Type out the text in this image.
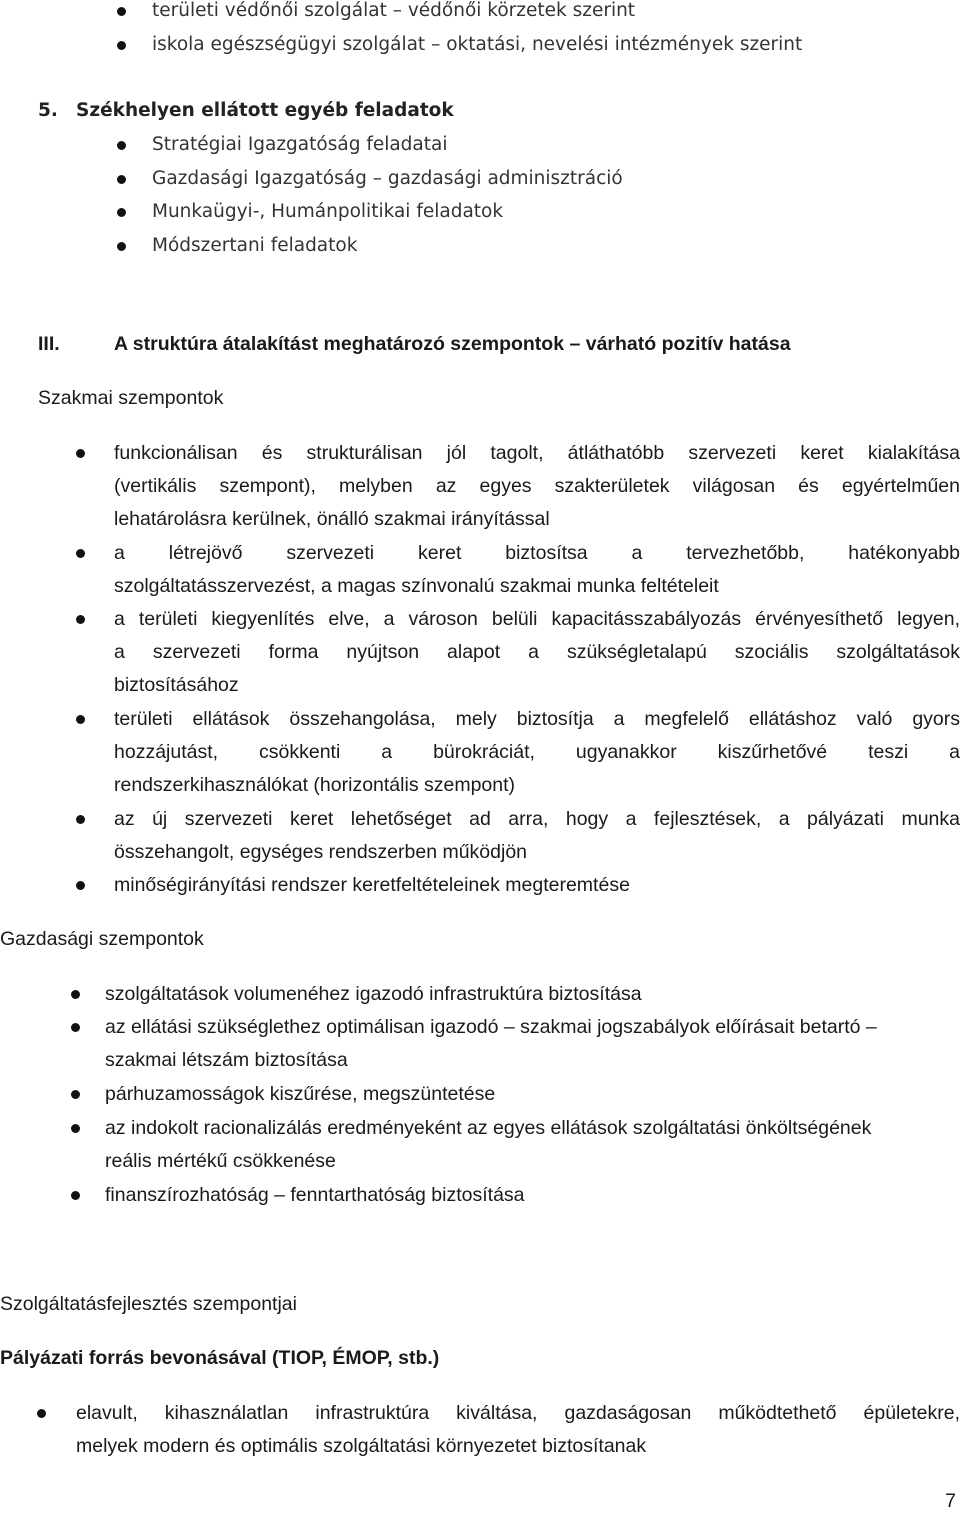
területi védőnői szolgálat – védőnői körzetek szerint
iskola egészségügyi szolgálat – oktatási, nevelési intézmények szerint
5. Székhelyen ellátott egyéb feladatok
Stratégiai Igazgatóság feladatai
Gazdasági Igazgatóság – gazdasági adminisztráció
Munkaügyi-, Humánpolitikai feladatok
Módszertani feladatok
III.	A struktúra átalakítást meghatározó szempontok – várható pozitív hatása
Szakmai szempontok
funkcionálisan és strukturálisan jól tagolt, átláthatóbb szervezeti keret kialakítása
(vertikális szempont), melyben az egyes szakterületek világosan és egyértelműen
lehatárolásra kerülnek, önálló szakmai irányítással
a létrejövő szervezeti keret biztosítsa a tervezhetőbb, hatékonyabb
szolgáltatásszervezést, a magas színvonalú szakmai munka feltételeit
a területi kiegyenlítés elve, a városon belüli kapacitásszabályozás érvényesíthető legyen,
a szervezeti forma nyújtson alapot a szükségletalapú szociális szolgáltatások
biztosításához
területi ellátások összehangolása, mely biztosítja a megfelelő ellátáshoz való gyors
hozzájutást, csökkenti a bürokráciát, ugyanakkor kiszűrhetővé teszi a
rendszerkihasználókat (horizontális szempont)
az új szervezeti keret lehetőséget ad arra, hogy a fejlesztések, a pályázati munka
összehangolt, egységes rendszerben működjön
minőségirányítási rendszer keretfeltételeinek megteremtése
Gazdasági szempontok
szolgáltatások volumenéhez igazodó infrastruktúra biztosítása
az ellátási szükséglethez optimálisan igazodó – szakmai jogszabályok előírásait betartó –
szakmai létszám biztosítása
párhuzamosságok kiszűrése, megszüntetése
az indokolt racionalizálás eredményeként az egyes ellátások szolgáltatási önköltségének
reális mértékű csökkenése
finanszírozhatóság – fenntarthatóság biztosítása
Szolgáltatásfejlesztés szempontjai
Pályázati forrás bevonásával (TIOP, ÉMOP, stb.)
elavult, kihasználatlan infrastruktúra kiváltása, gazdaságosan működtethető épületekre,
melyek modern és optimális szolgáltatási környezetet biztosítanak
7
